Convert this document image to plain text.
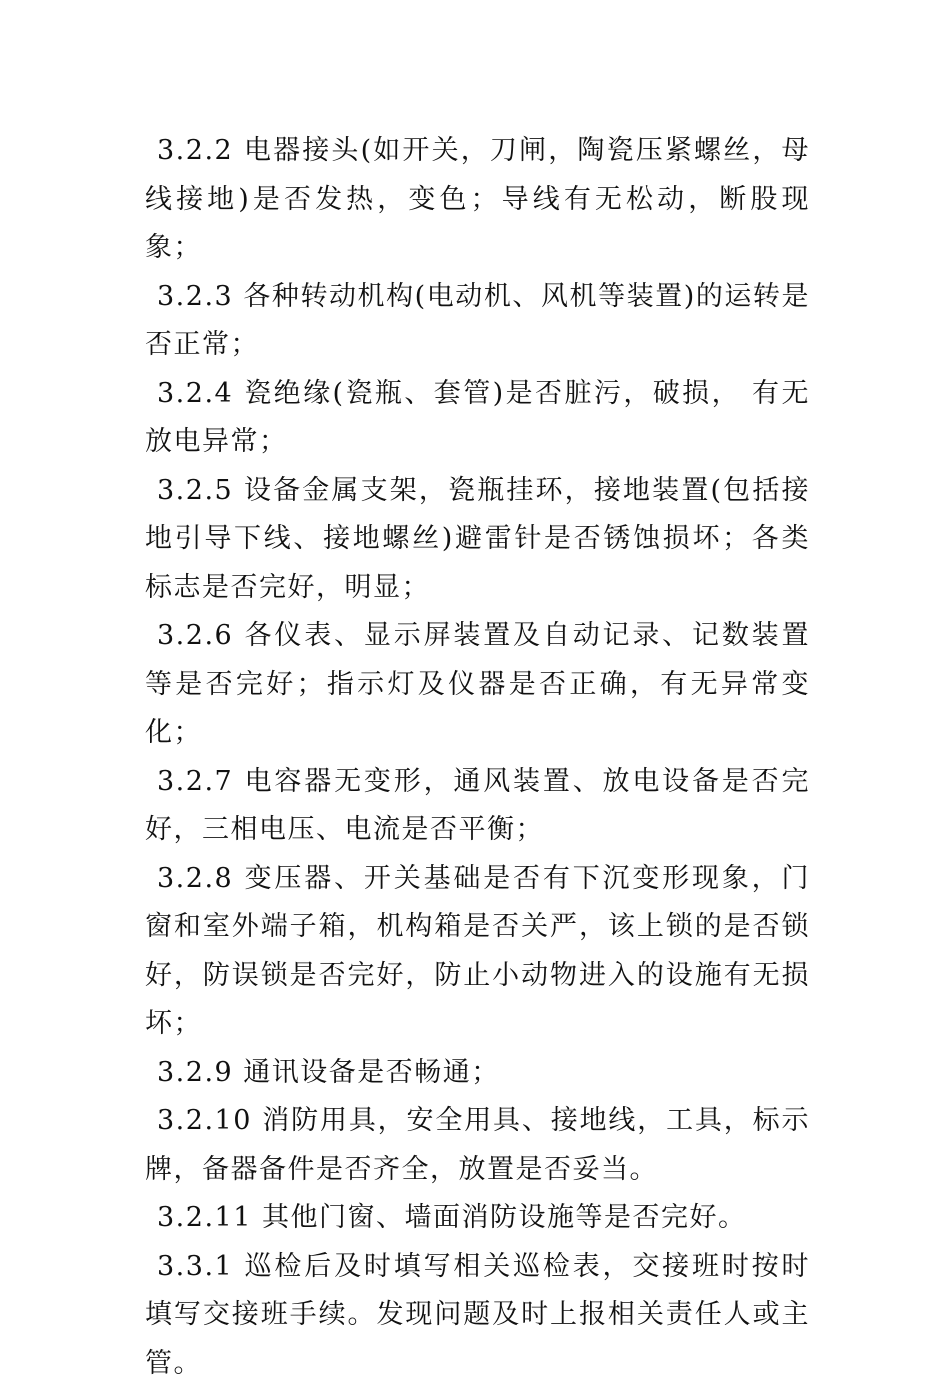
3.2.2 电器接头(如开关，刀闸，陶瓷压紧螺丝，母线接地)是否发热，变色；导线有无松动，断股现象；

3.2.3 各种转动机构(电动机、风机等装置)的运转是否正常；

3.2.4 瓷绝缘(瓷瓶、套管)是否脏污，破损， 有无放电异常；

3.2.5 设备金属支架，瓷瓶挂环，接地装置(包括接地引导下线、接地螺丝)避雷针是否锈蚀损坏；各类标志是否完好，明显；

3.2.6 各仪表、显示屏装置及自动记录、记数装置等是否完好；指示灯及仪器是否正确，有无异常变化；

3.2.7 电容器无变形，通风装置、放电设备是否完好，三相电压、电流是否平衡；

3.2.8 变压器、开关基础是否有下沉变形现象，门窗和室外端子箱，机构箱是否关严，该上锁的是否锁好，防误锁是否完好，防止小动物进入的设施有无损坏；

3.2.9 通讯设备是否畅通；

3.2.10 消防用具，安全用具、接地线，工具，标示牌，备器备件是否齐全，放置是否妥当。

3.2.11 其他门窗、墙面消防设施等是否完好。

3.3.1 巡检后及时填写相关巡检表，交接班时按时填写交接班手续。发现问题及时上报相关责任人或主管。
